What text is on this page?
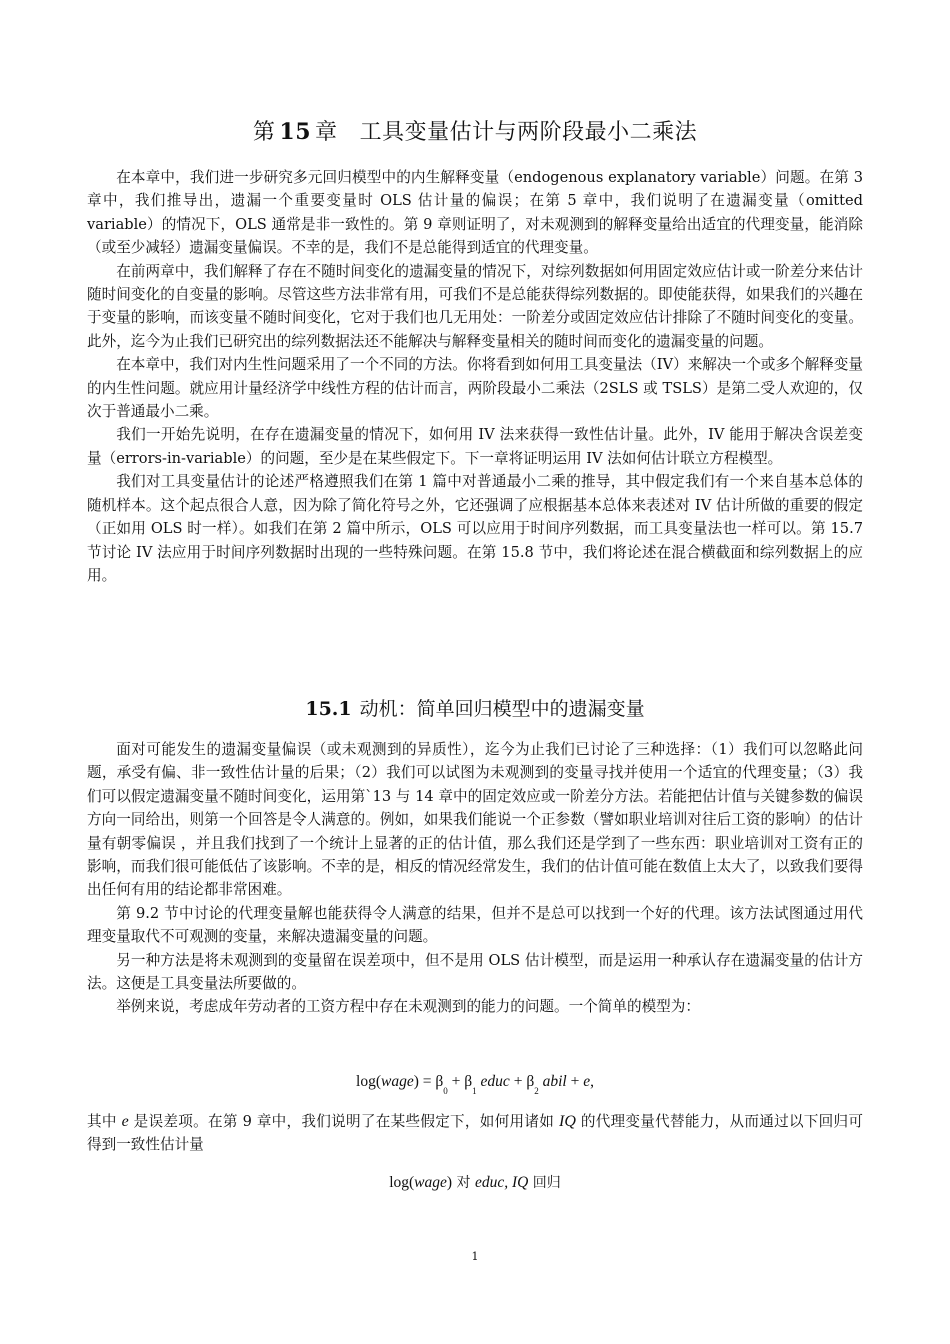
第 15 章 工具变量估计与两阶段最小二乘法

在本章中，我们进一步研究多元回归模型中的内生解释变量（endogenous explanatory variable）问题。在第 3 章中，我们推导出，遗漏一个重要变量时 OLS 估计量的偏误；在第 5 章中，我们说明了在遗漏变量（omitted variable）的情况下，OLS 通常是非一致性的。第 9 章则证明了，对未观测到的解释变量给出适宜的代理变量，能消除（或至少减轻）遗漏变量偏误。不幸的是，我们不是总能得到适宜的代理变量。

在前两章中，我们解释了存在不随时间变化的遗漏变量的情况下，对综列数据如何用固定效应估计或一阶差分来估计随时间变化的自变量的影响。尽管这些方法非常有用，可我们不是总能获得综列数据的。即使能获得，如果我们的兴趣在于变量的影响，而该变量不随时间变化，它对于我们也几无用处：一阶差分或固定效应估计排除了不随时间变化的变量。此外，迄今为止我们已研究出的综列数据法还不能解决与解释变量相关的随时间而变化的遗漏变量的问题。

在本章中，我们对内生性问题采用了一个不同的方法。你将看到如何用工具变量法（IV）来解决一个或多个解释变量的内生性问题。就应用计量经济学中线性方程的估计而言，两阶段最小二乘法（2SLS 或 TSLS）是第二受人欢迎的，仅次于普通最小二乘。

我们一开始先说明，在存在遗漏变量的情况下，如何用 IV 法来获得一致性估计量。此外，IV 能用于解决含误差变量（errors-in-variable）的问题，至少是在某些假定下。下一章将证明运用 IV 法如何估计联立方程模型。

我们对工具变量估计的论述严格遵照我们在第 1 篇中对普通最小二乘的推导，其中假定我们有一个来自基本总体的随机样本。这个起点很合人意，因为除了简化符号之外，它还强调了应根据基本总体来表述对 IV 估计所做的重要的假定（正如用 OLS 时一样）。如我们在第 2 篇中所示，OLS 可以应用于时间序列数据，而工具变量法也一样可以。第 15.7 节讨论 IV 法应用于时间序列数据时出现的一些特殊问题。在第 15.8 节中，我们将论述在混合横截面和综列数据上的应用。

15.1 动机：简单回归模型中的遗漏变量

面对可能发生的遗漏变量偏误（或未观测到的异质性），迄今为止我们已讨论了三种选择：（1）我们可以忽略此问题，承受有偏、非一致性估计量的后果；（2）我们可以试图为未观测到的变量寻找并使用一个适宜的代理变量；（3）我们可以假定遗漏变量不随时间变化，运用第`13 与 14 章中的固定效应或一阶差分方法。若能把估计值与关键参数的偏误方向一同给出，则第一个回答是令人满意的。例如，如果我们能说一个正参数（譬如职业培训对往后工资的影响）的估计量有朝零偏误 ，并且我们找到了一个统计上显著的正的估计值，那么我们还是学到了一些东西：职业培训对工资有正的影响，而我们很可能低估了该影响。不幸的是，相反的情况经常发生，我们的估计值可能在数值上太大了，以致我们要得出任何有用的结论都非常困难。

第 9.2 节中讨论的代理变量解也能获得令人满意的结果，但并不是总可以找到一个好的代理。该方法试图通过用代理变量取代不可观测的变量，来解决遗漏变量的问题。

另一种方法是将未观测到的变量留在误差项中，但不是用 OLS 估计模型，而是运用一种承认存在遗漏变量的估计方法。这便是工具变量法所要做的。

举例来说，考虑成年劳动者的工资方程中存在未观测到的能力的问题。一个简单的模型为：

log(wage) = $\beta_0 + \beta_1$ educ + $\beta_2$ abil + e,

其中 e 是误差项。在第 9 章中，我们说明了在某些假定下，如何用诸如 IQ 的代理变量代替能力，从而通过以下回归可得到一致性估计量

log(wage) 对 educ, IQ 回归
1
